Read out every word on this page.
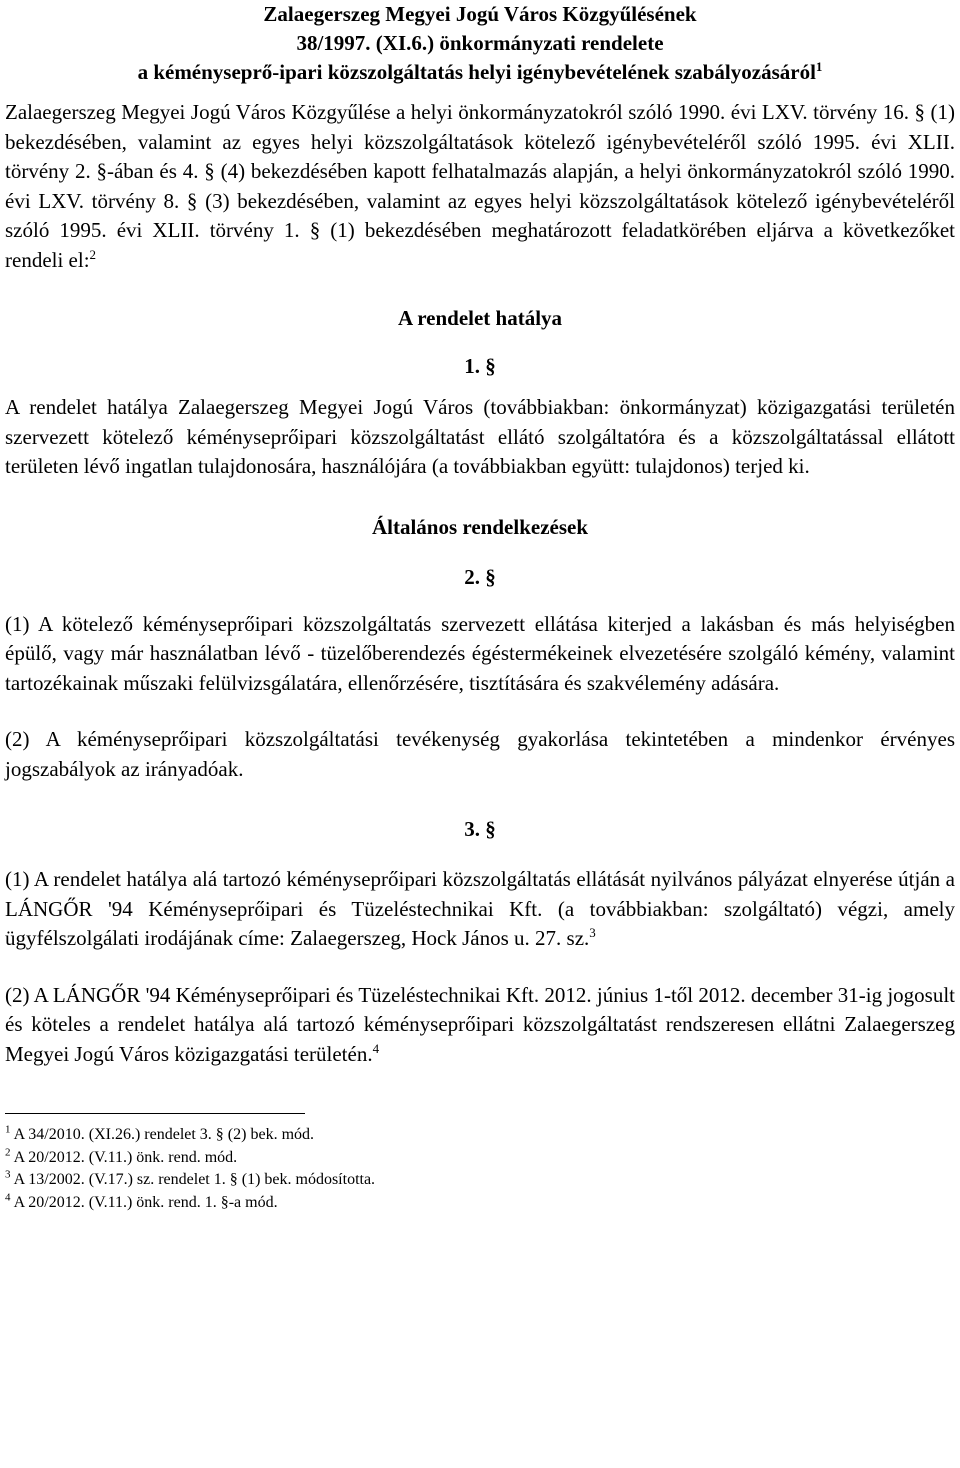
Zalaegerszeg Megyei Jogú Város Közgyűlésének
38/1997. (XI.6.) önkormányzati rendelete
a kéményseprő-ipari közszolgáltatás helyi igénybevételének szabályozásáról$^1$

Zalaegerszeg Megyei Jogú Város Közgyűlése a helyi önkormányzatokról szóló 1990. évi LXV. törvény 16. § (1) bekezdésében, valamint az egyes helyi közszolgáltatások kötelező igénybevételéről szóló 1995. évi XLII. törvény 2. §-ában és 4. § (4) bekezdésében kapott felhatalmazás alapján, a helyi önkormányzatokról szóló 1990. évi LXV. törvény 8. § (3) bekezdésében, valamint az egyes helyi közszolgáltatások kötelező igénybevételéről szóló 1995. évi XLII. törvény 1. § (1) bekezdésében meghatározott feladatkörében eljárva a következőket rendeli el:$^2$

A rendelet hatálya
1. §

A rendelet hatálya Zalaegerszeg Megyei Jogú Város (továbbiakban: önkormányzat) közigazgatási területén szervezett kötelező kéményseprőipari közszolgáltatást ellátó szolgáltatóra és a közszolgáltatással ellátott területen lévő ingatlan tulajdonosára, használójára (a továbbiakban együtt: tulajdonos) terjed ki.

Általános rendelkezések
2. §

(1) A kötelező kéményseprőipari közszolgáltatás szervezett ellátása kiterjed a lakásban és más helyiségben épülő, vagy már használatban lévő - tüzelőberendezés égéstermékeinek elvezetésére szolgáló kémény, valamint tartozékainak műszaki felülvizsgálatára, ellenőrzésére, tisztítására és szakvélemény adására.

(2) A kéményseprőipari közszolgáltatási tevékenység gyakorlása tekintetében a mindenkor érvényes jogszabályok az irányadóak.

3. §

(1) A rendelet hatálya alá tartozó kéményseprőipari közszolgáltatás ellátását nyilvános pályázat elnyerése útján a LÁNGŐR '94 Kéményseprőipari és Tüzeléstechnikai Kft. (a továbbiakban: szolgáltató) végzi, amely ügyfélszolgálati irodájának címe: Zalaegerszeg, Hock János u. 27. sz.$^3$

(2) A LÁNGŐR '94 Kéményseprőipari és Tüzeléstechnikai Kft. 2012. június 1-től 2012. december 31-ig jogosult és köteles a rendelet hatálya alá tartozó kéményseprőipari közszolgáltatást rendszeresen ellátni Zalaegerszeg Megyei Jogú Város közigazgatási területén.$^4$

$^1$ A 34/2010. (XI.26.) rendelet 3. § (2) bek. mód.

$^2$ A 20/2012. (V.11.) önk. rend. mód.

$^3$ A 13/2002. (V.17.) sz. rendelet 1. § (1) bek. módosította.

$^4$ A 20/2012. (V.11.) önk. rend. 1. §-a mód.
